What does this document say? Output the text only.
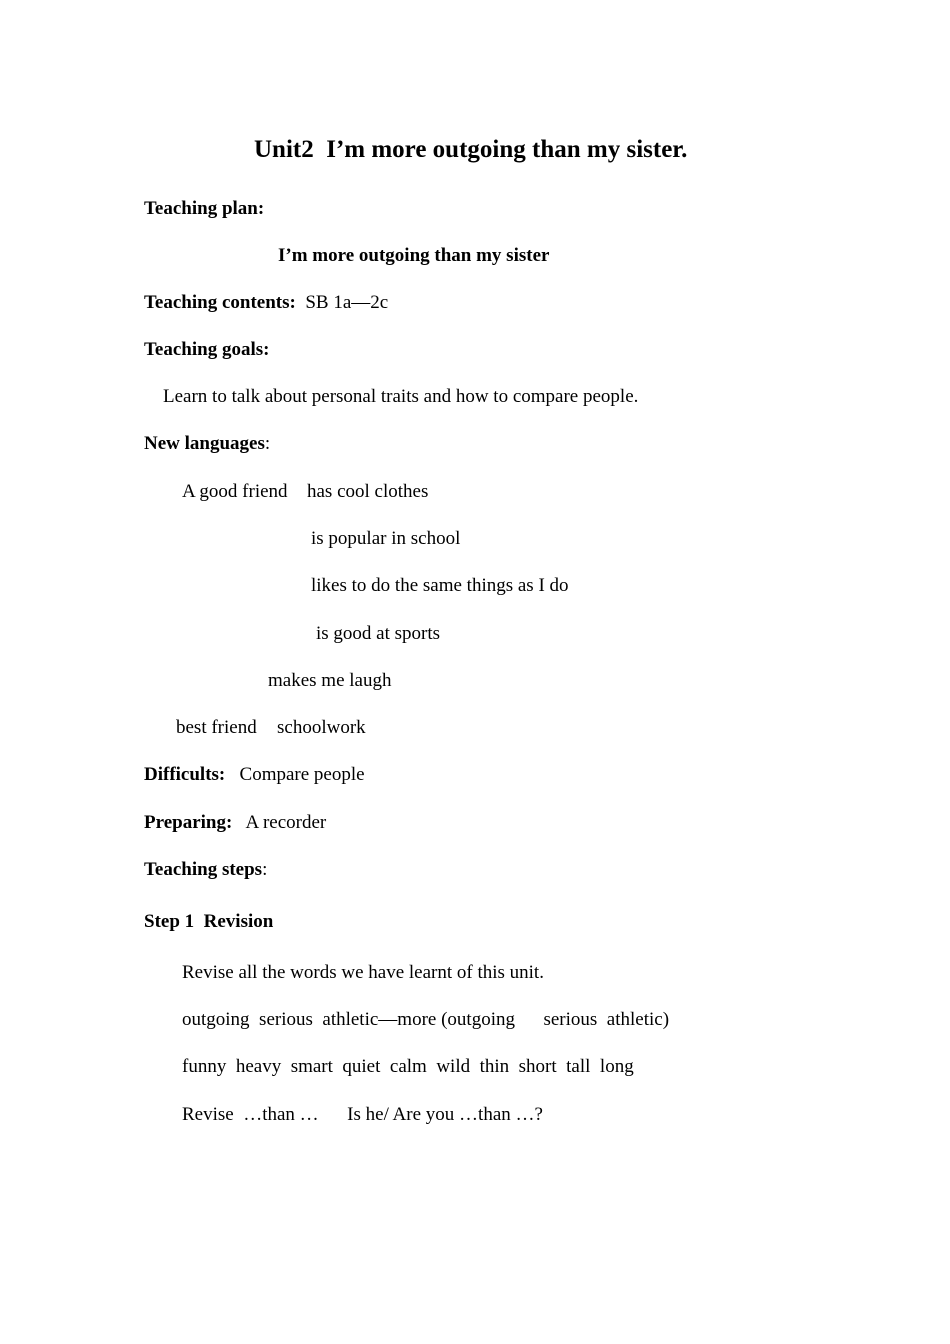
Unit2  I’m more outgoing than my sister.
Teaching plan:
I’m more outgoing than my sister
Teaching contents: SB 1a—2c
Teaching goals:
Learn to talk about personal traits and how to compare people.
New languages:
A good friend has cool clothes
is popular in school
likes to do the same things as I do
is good at sports
makes me laugh
best friend schoolwork
Difficults: Compare people
Preparing: A recorder
Teaching steps:
Step 1  Revision
Revise all the words we have learnt of this unit.
outgoing  serious  athletic—more (outgoing      serious  athletic)
funny  heavy  smart  quiet  calm  wild  thin  short  tall  long
Revise  …than …      Is he/ Are you …than …?
